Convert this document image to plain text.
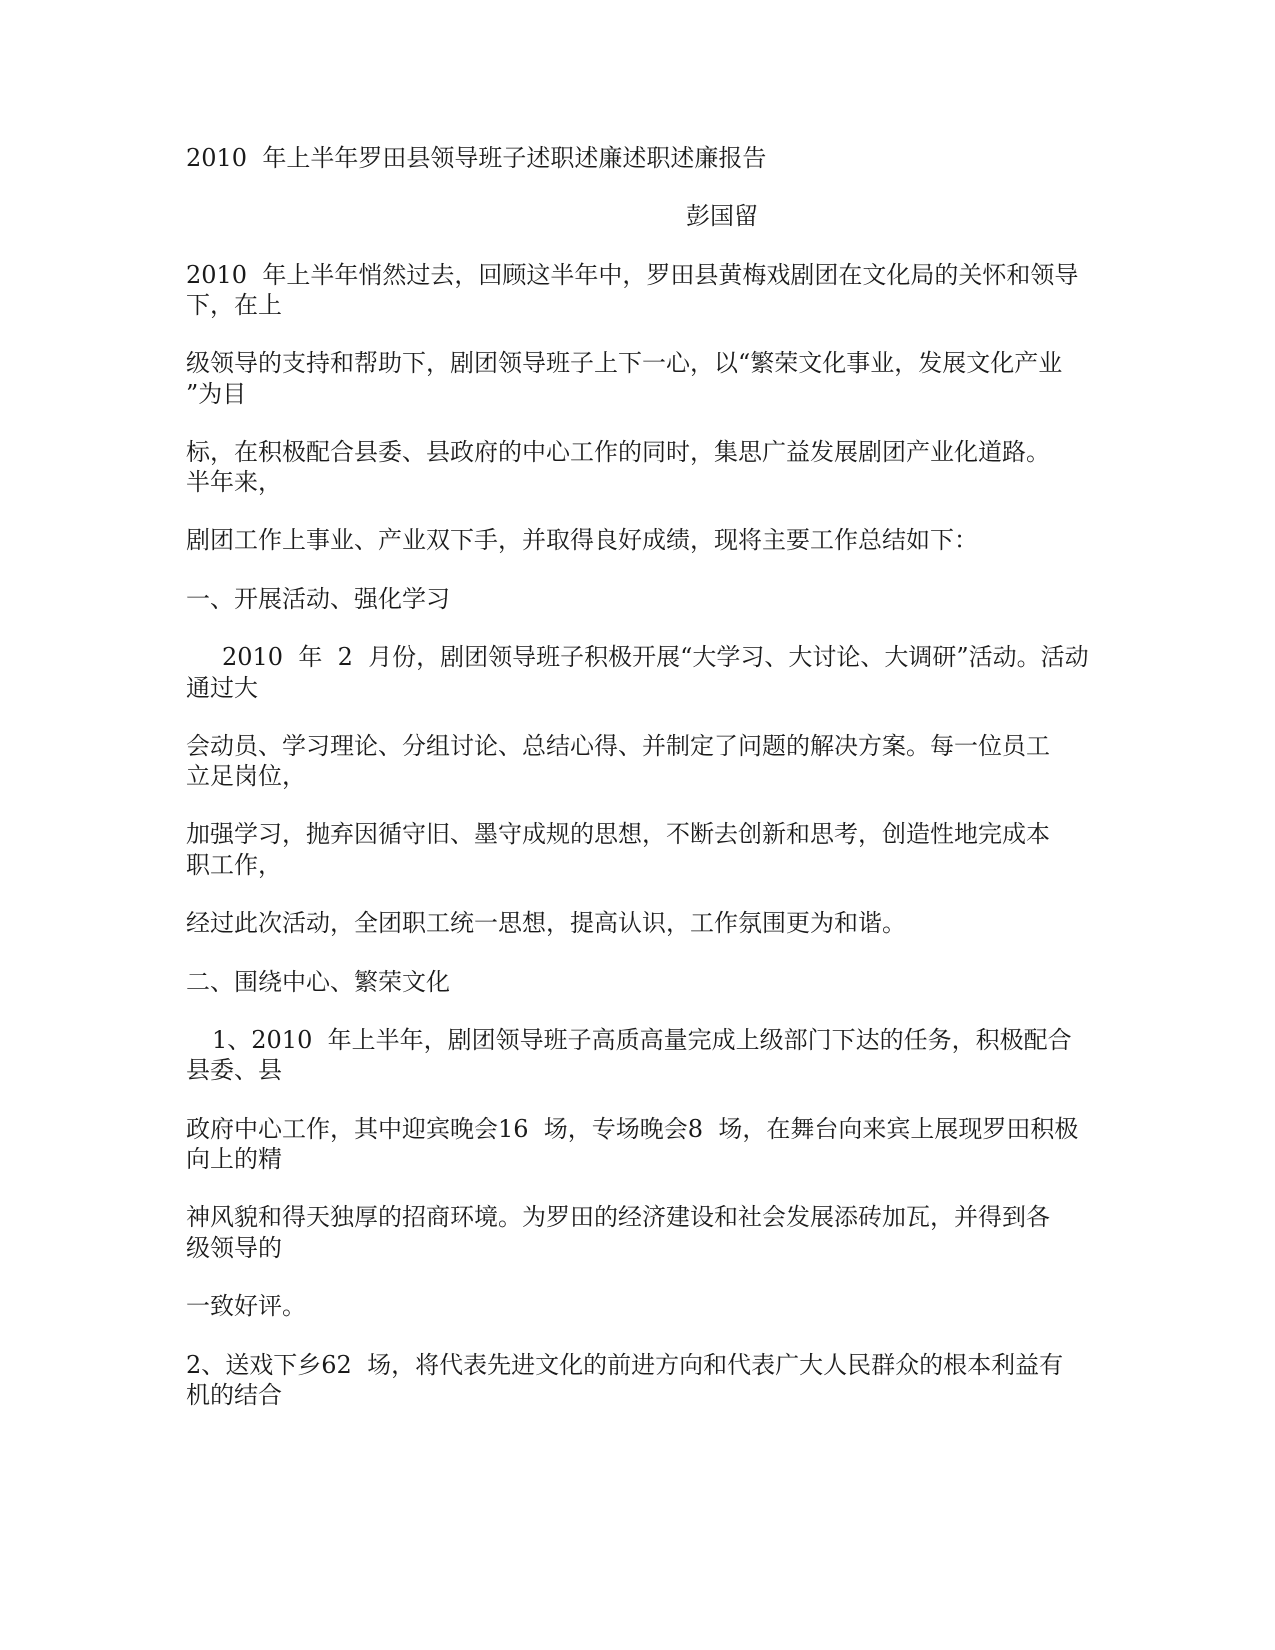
2010  年上半年罗田县领导班子述职述廉述职述廉报告
彭国留
2010  年上半年悄然过去，回顾这半年中，罗田县黄梅戏剧团在文化局的关怀和领导
下，在上
级领导的支持和帮助下，剧团领导班子上下一心，以“繁荣文化事业，发展文化产业
”为目
标，在积极配合县委、县政府的中心工作的同时，集思广益发展剧团产业化道路。
半年来，
剧团工作上事业、产业双下手，并取得良好成绩，现将主要工作总结如下：
一、开展活动、强化学习
2010  年  2  月份，剧团领导班子积极开展“大学习、大讨论、大调研”活动。活动
通过大
会动员、学习理论、分组讨论、总结心得、并制定了问题的解决方案。每一位员工
立足岗位，
加强学习，抛弃因循守旧、墨守成规的思想，不断去创新和思考，创造性地完成本
职工作，
经过此次活动，全团职工统一思想，提高认识，工作氛围更为和谐。
二、围绕中心、繁荣文化
1、2010  年上半年，剧团领导班子高质高量完成上级部门下达的任务，积极配合
县委、县
政府中心工作，其中迎宾晚会16  场，专场晚会8  场，在舞台向来宾上展现罗田积极
向上的精
神风貌和得天独厚的招商环境。为罗田的经济建设和社会发展添砖加瓦，并得到各
级领导的
一致好评。
2、送戏下乡62  场，将代表先进文化的前进方向和代表广大人民群众的根本利益有
机的结合
